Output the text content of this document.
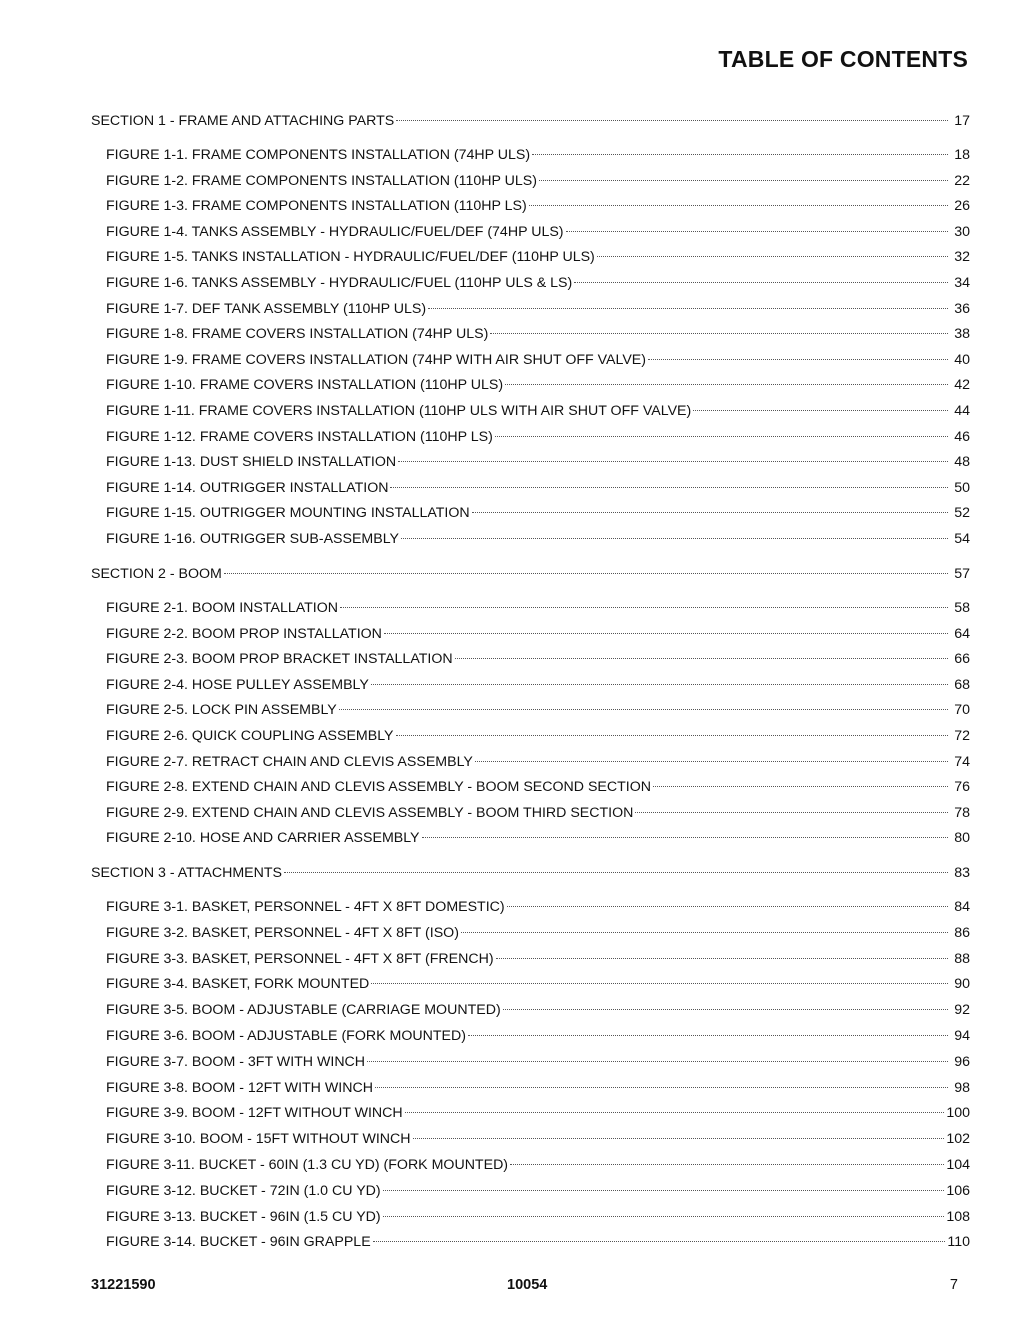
TABLE OF CONTENTS
SECTION 1 - FRAME AND ATTACHING PARTS	17
FIGURE 1-1. FRAME COMPONENTS INSTALLATION (74HP ULS)	18
FIGURE 1-2. FRAME COMPONENTS INSTALLATION (110HP ULS)	22
FIGURE 1-3. FRAME COMPONENTS INSTALLATION (110HP LS)	26
FIGURE 1-4. TANKS ASSEMBLY - HYDRAULIC/FUEL/DEF (74HP ULS)	30
FIGURE 1-5. TANKS INSTALLATION - HYDRAULIC/FUEL/DEF (110HP ULS)	32
FIGURE 1-6. TANKS ASSEMBLY - HYDRAULIC/FUEL (110HP ULS & LS)	34
FIGURE 1-7. DEF TANK ASSEMBLY (110HP ULS)	36
FIGURE 1-8. FRAME COVERS INSTALLATION (74HP ULS)	38
FIGURE 1-9. FRAME COVERS INSTALLATION (74HP WITH AIR SHUT OFF VALVE)	40
FIGURE 1-10. FRAME COVERS INSTALLATION (110HP ULS)	42
FIGURE 1-11. FRAME COVERS INSTALLATION (110HP ULS WITH AIR SHUT OFF VALVE)	44
FIGURE 1-12. FRAME COVERS INSTALLATION (110HP LS)	46
FIGURE 1-13. DUST SHIELD INSTALLATION	48
FIGURE 1-14. OUTRIGGER INSTALLATION	50
FIGURE 1-15. OUTRIGGER MOUNTING INSTALLATION	52
FIGURE 1-16. OUTRIGGER SUB-ASSEMBLY	54
SECTION 2 - BOOM	57
FIGURE 2-1. BOOM INSTALLATION	58
FIGURE 2-2. BOOM PROP INSTALLATION	64
FIGURE 2-3. BOOM PROP BRACKET INSTALLATION	66
FIGURE 2-4. HOSE PULLEY ASSEMBLY	68
FIGURE 2-5. LOCK PIN ASSEMBLY	70
FIGURE 2-6. QUICK COUPLING ASSEMBLY	72
FIGURE 2-7. RETRACT CHAIN AND CLEVIS ASSEMBLY	74
FIGURE 2-8. EXTEND CHAIN AND CLEVIS ASSEMBLY - BOOM SECOND SECTION	76
FIGURE 2-9. EXTEND CHAIN AND CLEVIS ASSEMBLY - BOOM THIRD SECTION	78
FIGURE 2-10. HOSE AND CARRIER ASSEMBLY	80
SECTION 3 - ATTACHMENTS	83
FIGURE 3-1. BASKET, PERSONNEL - 4FT X 8FT DOMESTIC)	84
FIGURE 3-2. BASKET, PERSONNEL - 4FT X 8FT (ISO)	86
FIGURE 3-3. BASKET, PERSONNEL - 4FT X 8FT (FRENCH)	88
FIGURE 3-4. BASKET, FORK MOUNTED	90
FIGURE 3-5. BOOM - ADJUSTABLE (CARRIAGE MOUNTED)	92
FIGURE 3-6. BOOM - ADJUSTABLE (FORK MOUNTED)	94
FIGURE 3-7. BOOM - 3FT WITH WINCH	96
FIGURE 3-8. BOOM - 12FT WITH WINCH	98
FIGURE 3-9. BOOM - 12FT WITHOUT WINCH	100
FIGURE 3-10. BOOM - 15FT WITHOUT WINCH	102
FIGURE 3-11. BUCKET - 60IN (1.3 CU YD) (FORK MOUNTED)	104
FIGURE 3-12. BUCKET - 72IN (1.0 CU YD)	106
FIGURE 3-13. BUCKET - 96IN (1.5 CU YD)	108
FIGURE 3-14. BUCKET - 96IN GRAPPLE	110
31221590	10054	7
